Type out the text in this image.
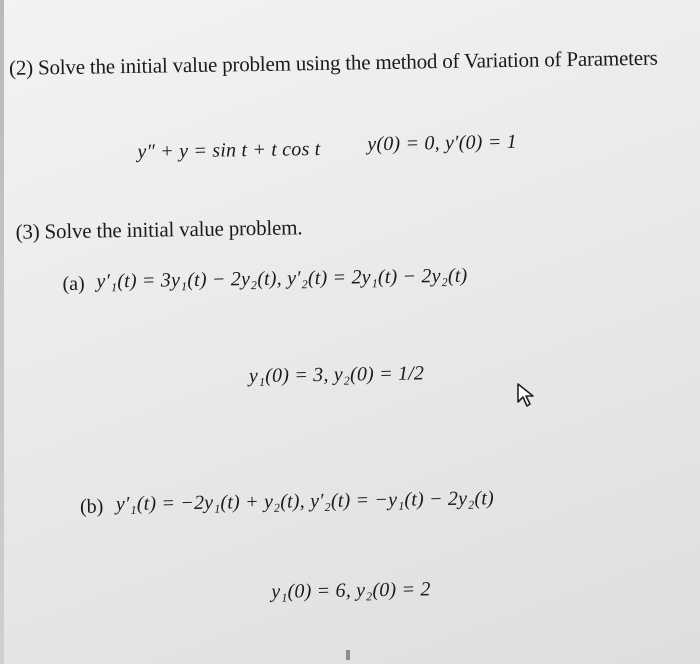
(2) Solve the initial value problem using the method of Variation of Parameters
y″ + y = sin t + t cos t y(0) = 0, y′(0) = 1
(3) Solve the initial value problem.
(a) y′₁(t) = 3y₁(t) − 2y₂(t), y′₂(t) = 2y₁(t) − 2y₂(t)
y₁(0) = 3, y₂(0) = 1/2
(b) y′₁(t) = −2y₁(t) + y₂(t), y′₂(t) = −y₁(t) − 2y₂(t)
y₁(0) = 6, y₂(0) = 2
